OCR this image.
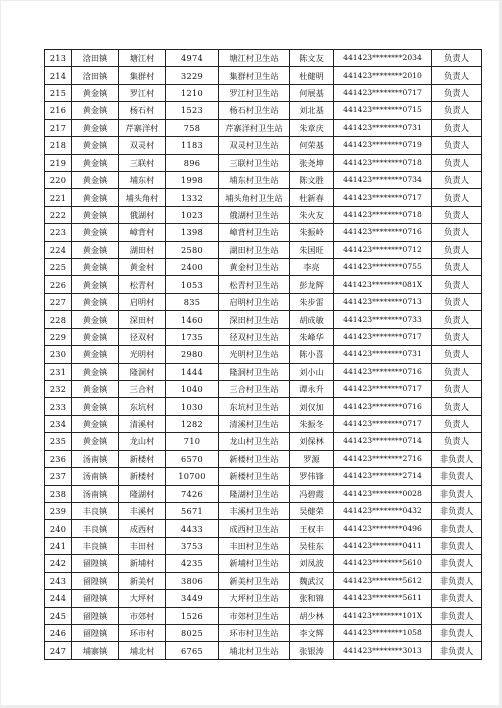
213	浛田镇	塘江村	4974	塘江村卫生站	陈文友	441423********2034	负责人
214	浛田镇	集群村	3229	集群村卫生站	杜健明	441423********2010	负责人
215	黄金镇	罗江村	1210	罗江村卫生站	何展基	441423********0717	负责人
216	黄金镇	杨石村	1523	杨石村卫生站	刘北基	441423********0715	负责人
217	黄金镇	芹寨洋村	758	芹寨洋村卫生站	朱章庆	441423********0731	负责人
218	黄金镇	双灵村	1183	双灵村卫生站	何荣基	441423********0719	负责人
219	黄金镇	三联村	896	三联村卫生站	张尧坤	441423********0718	负责人
220	黄金镇	埔东村	1998	埔东村卫生站	陈文胜	441423********0734	负责人
221	黄金镇	埔头角村	1332	埔头角村卫生站	杜新春	441423********0717	负责人
222	黄金镇	俄湖村	1023	俄湖村卫生站	朱火友	441423********0718	负责人
223	黄金镇	嶂背村	1398	嶂背村卫生站	朱振岭	441423********0716	负责人
224	黄金镇	湖田村	2580	湖田村卫生站	朱国旺	441423********0712	负责人
225	黄金镇	黄金村	2400	黄金村卫生站	李亮	441423********0755	负责人
226	黄金镇	松青村	1053	松青村卫生站	彭龙辉	441423********081X	负责人
227	黄金镇	启明村	835	启明村卫生站	朱步雷	441423********0713	负责人
228	黄金镇	深田村	1460	深田村卫生站	胡成敏	441423********0733	负责人
229	黄金镇	径双村	1735	径双村卫生站	朱峰华	441423********0717	负责人
230	黄金镇	光明村	2980	光明村卫生站	陈小喜	441423********0731	负责人
231	黄金镇	隆洞村	1444	隆洞村卫生站	刘小山	441423********0716	负责人
232	黄金镇	三合村	1040	三合村卫生站	谭永升	441423********0717	负责人
233	黄金镇	东坑村	1030	东坑村卫生站	刘仅加	441423********0716	负责人
234	黄金镇	清溪村	1282	清溪村卫生站	朱振冬	441423********0717	负责人
235	黄金镇	龙山村	710	龙山村卫生站	刘保林	441423********0714	负责人
236	汤南镇	新楼村	6570	新楼村卫生站	罗源	441423********2716	非负责人
237	汤南镇	新楼村	10700	新楼村卫生站	罗伟锋	441423********2714	非负责人
238	汤南镇	隆湖村	7426	隆湖村卫生站	冯碧霞	441423********0028	非负责人
239	丰良镇	丰溪村	5671	丰溪村卫生站	吴健荣	441423********0432	非负责人
240	丰良镇	成西村	4433	成西村卫生站	王权丰	441423********0496	非负责人
241	丰良镇	丰田村	3753	丰田村卫生站	吴桂东	441423********0411	非负责人
242	留隍镇	新埔村	4235	新埔村卫生站	刘凤波	441423********5610	非负责人
243	留隍镇	新美村	3806	新美村卫生站	魏武汉	441423********5612	非负责人
244	留隍镇	大坪村	3449	大坪村卫生站	张和锦	441423********5611	非负责人
245	留隍镇	市郊村	1526	市郊村卫生站	胡少林	441423********101X	非负责人
246	留隍镇	环市村	8025	环市村卫生站	李文辉	441423********1058	非负责人
247	埔寨镇	埔北村	6765	埔北村卫生站	张银涛	441423********3013	非负责人
